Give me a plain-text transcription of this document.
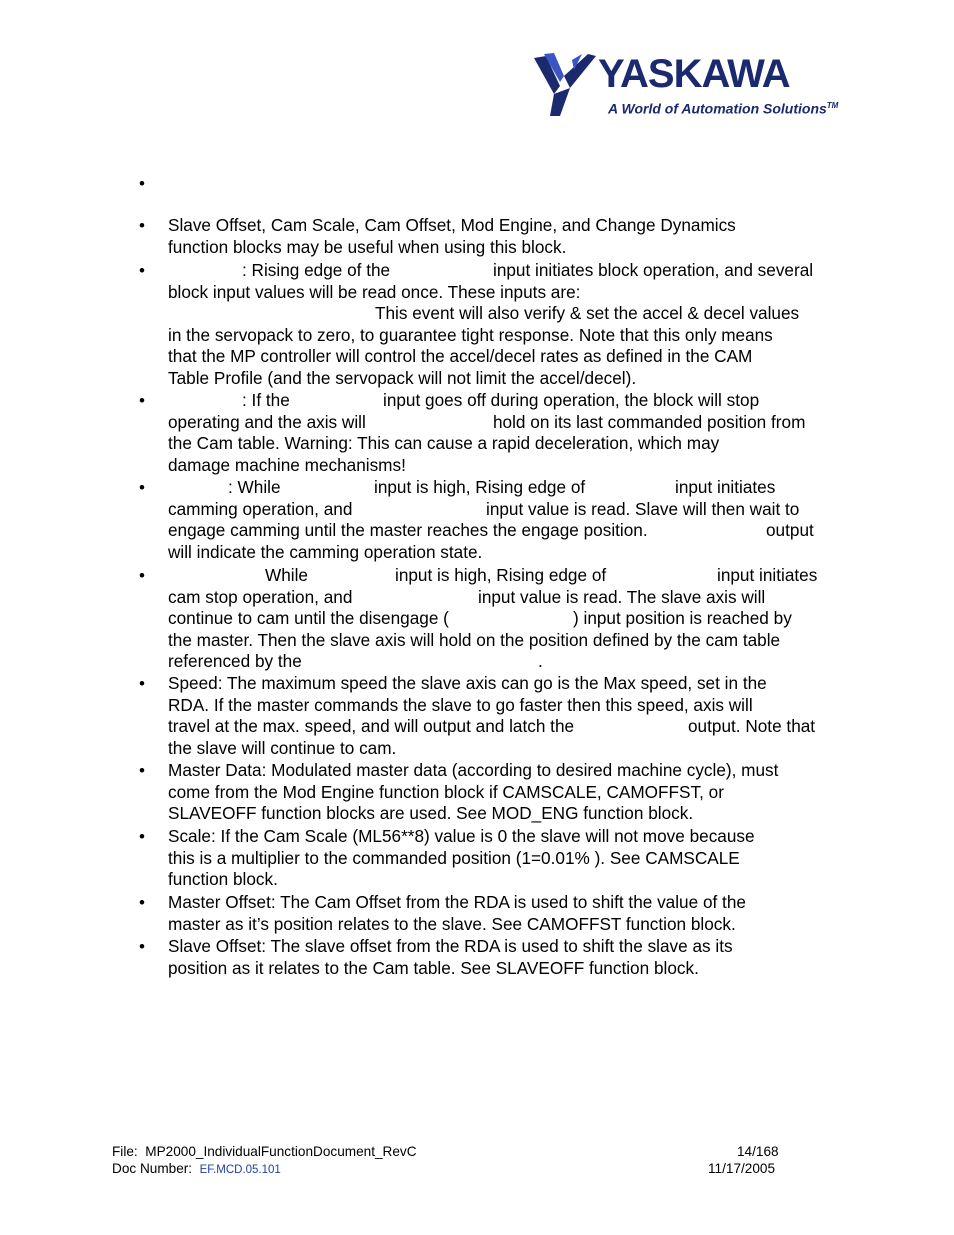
YASKAWA
A World of Automation Solutions™
•
• Slave Offset, Cam Scale, Cam Offset, Mod Engine, and Change Dynamics
function blocks may be useful when using this block.
•	: Rising edge of the	input initiates block operation, and several
block input values will be read once. These inputs are:
This event will also verify & set the accel & decel values
in the servopack to zero, to guarantee tight response. Note that this only means
that the MP controller will control the accel/decel rates as defined in the CAM
Table Profile (and the servopack will not limit the accel/decel).
•	: If the	input goes off during operation, the block will stop
operating and the axis will	hold on its last commanded position from
the Cam table. Warning: This can cause a rapid deceleration, which may
damage machine mechanisms!
•	: While	input is high, Rising edge of	input initiates
camming operation, and	input value is read. Slave will then wait to
engage camming until the master reaches the engage position.	output
will indicate the camming operation state.
•	While	input is high, Rising edge of	input initiates
cam stop operation, and	input value is read. The slave axis will
continue to cam until the disengage (	) input position is reached by
the master. Then the slave axis will hold on the position defined by the cam table
referenced by the	.
• Speed: The maximum speed the slave axis can go is the Max speed, set in the
RDA. If the master commands the slave to go faster then this speed, axis will
travel at the max. speed, and will output and latch the	output. Note that
the slave will continue to cam.
• Master Data: Modulated master data (according to desired machine cycle), must
come from the Mod Engine function block if CAMSCALE, CAMOFFST, or
SLAVEOFF function blocks are used. See MOD_ENG function block.
• Scale: If the Cam Scale (ML56**8) value is 0 the slave will not move because
this is a multiplier to the commanded position (1=0.01% ). See CAMSCALE
function block.
• Master Offset: The Cam Offset from the RDA is used to shift the value of the
master as it’s position relates to the slave. See CAMOFFST function block.
• Slave Offset: The slave offset from the RDA is used to shift the slave as its
position as it relates to the Cam table. See SLAVEOFF function block.
File: MP2000_IndividualFunctionDocument_RevC
Doc Number: EF.MCD.05.101
14/168
11/17/2005
